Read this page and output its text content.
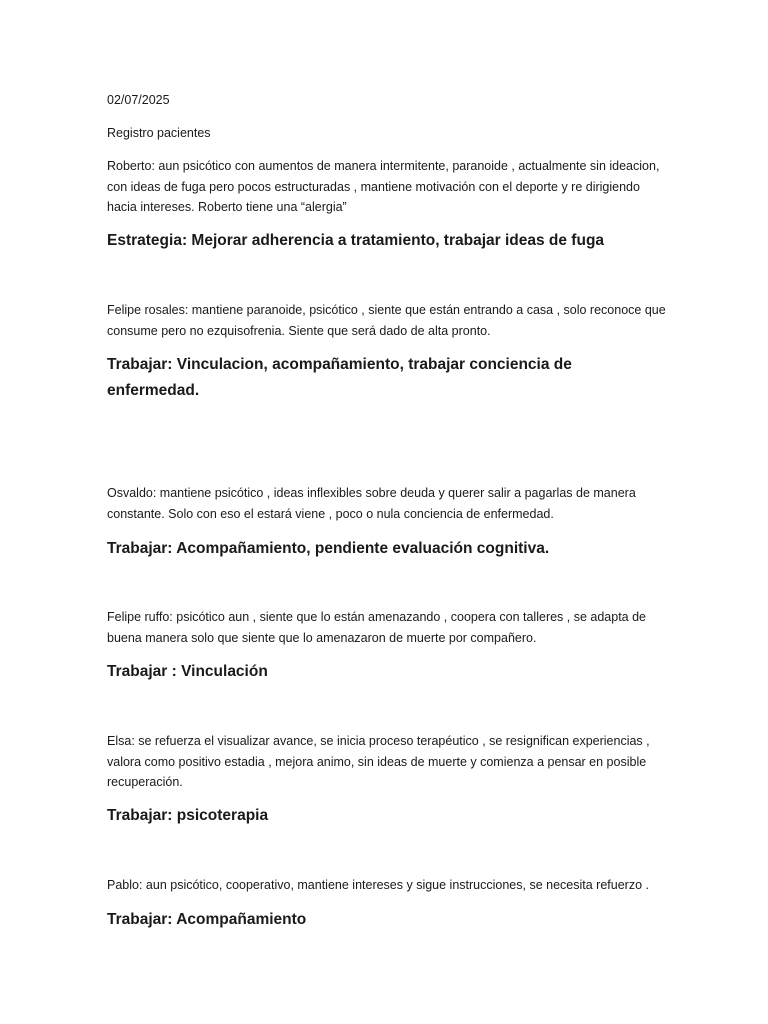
02/07/2025

Registro pacientes

Roberto: aun psicótico con aumentos de manera intermitente, paranoide , actualmente sin ideacion, con ideas de fuga pero pocos estructuradas , mantiene motivación con el deporte y re dirigiendo hacia intereses. Roberto tiene una “alergia”

Estrategia: Mejorar adherencia a tratamiento, trabajar ideas de fuga

Felipe rosales: mantiene paranoide, psicótico , siente que están entrando a casa , solo reconoce que consume pero no ezquisofrenia. Siente que será dado de alta pronto.

Trabajar: Vinculacion, acompañamiento, trabajar conciencia de enfermedad.

Osvaldo: mantiene psicótico , ideas inflexibles sobre deuda y querer salir a pagarlas de manera constante. Solo con eso el estará viene , poco o nula conciencia de enfermedad.

Trabajar: Acompañamiento, pendiente evaluación cognitiva.

Felipe ruffo: psicótico aun , siente que lo están amenazando , coopera con talleres , se adapta de buena manera solo que siente que lo amenazaron de muerte por compañero.

Trabajar : Vinculación

Elsa: se refuerza el visualizar avance, se inicia proceso terapéutico , se resignifican experiencias , valora como positivo estadia , mejora animo, sin ideas de muerte y comienza a pensar en posible recuperación.

Trabajar: psicoterapia

Pablo: aun psicótico, cooperativo, mantiene intereses y sigue instrucciones, se necesita refuerzo .

Trabajar: Acompañamiento
